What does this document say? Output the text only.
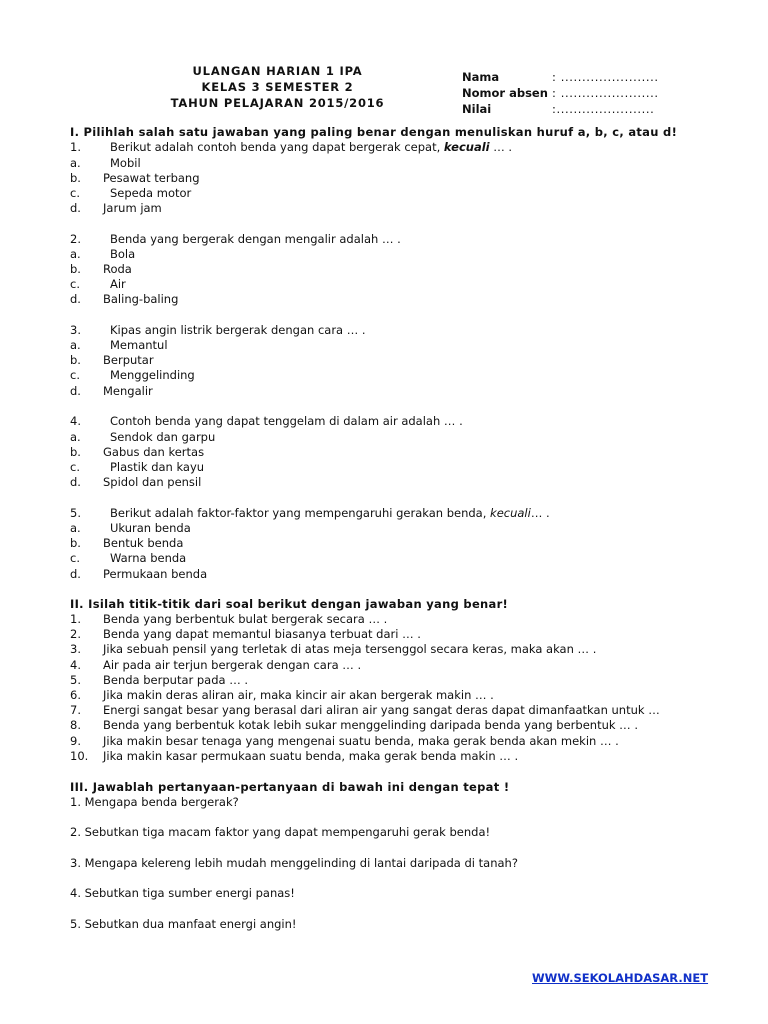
ULANGAN HARIAN 1 IPA
KELAS 3 SEMESTER 2
TAHUN PELAJARAN 2015/2016
Nama	: .......................
Nomor absen : .......................
Nilai	:.......................
I. Pilihlah salah satu jawaban yang paling benar dengan menuliskan huruf a, b, c, atau d!
1.	Berikut adalah contoh benda yang dapat bergerak cepat, kecuali … .
a.	Mobil
b. Pesawat terbang
c.	Sepeda motor
d. Jarum jam
2.	Benda yang bergerak dengan mengalir adalah … .
a.	Bola
b. Roda
c.	Air
d. Baling-baling
3.	Kipas angin listrik bergerak dengan cara … .
a.	Memantul
b. Berputar
c.	Menggelinding
d. Mengalir
4.	Contoh benda yang dapat tenggelam di dalam air adalah … .
a.	Sendok dan garpu
b. Gabus dan kertas
c.	Plastik dan kayu
d. Spidol dan pensil
5.	Berikut adalah faktor-faktor yang mempengaruhi gerakan benda, kecuali… .
a.	Ukuran benda
b. Bentuk benda
c.	Warna benda
d. Permukaan benda
II. Isilah titik-titik dari soal berikut dengan jawaban yang benar!
1. Benda yang berbentuk bulat bergerak secara … .
2. Benda yang dapat memantul biasanya terbuat dari … .
3. Jika sebuah pensil yang terletak di atas meja tersenggol secara keras, maka akan … .
4. Air pada air terjun bergerak dengan cara … .
5. Benda berputar pada … .
6. Jika makin deras aliran air, maka kincir air akan bergerak makin … .
7. Energi sangat besar yang berasal dari aliran air yang sangat deras dapat dimanfaatkan untuk …
8. Benda yang berbentuk kotak lebih sukar menggelinding daripada benda yang berbentuk … .
9. Jika makin besar tenaga yang mengenai suatu benda, maka gerak benda akan mekin … .
10. Jika makin kasar permukaan suatu benda, maka gerak benda makin … .
III. Jawablah pertanyaan-pertanyaan di bawah ini dengan tepat !
1. Mengapa benda bergerak?
2. Sebutkan tiga macam faktor yang dapat mempengaruhi gerak benda!
3. Mengapa kelereng lebih mudah menggelinding di lantai daripada di tanah?
4. Sebutkan tiga sumber energi panas!
5. Sebutkan dua manfaat energi angin!
WWW.SEKOLAHDASAR.NET
